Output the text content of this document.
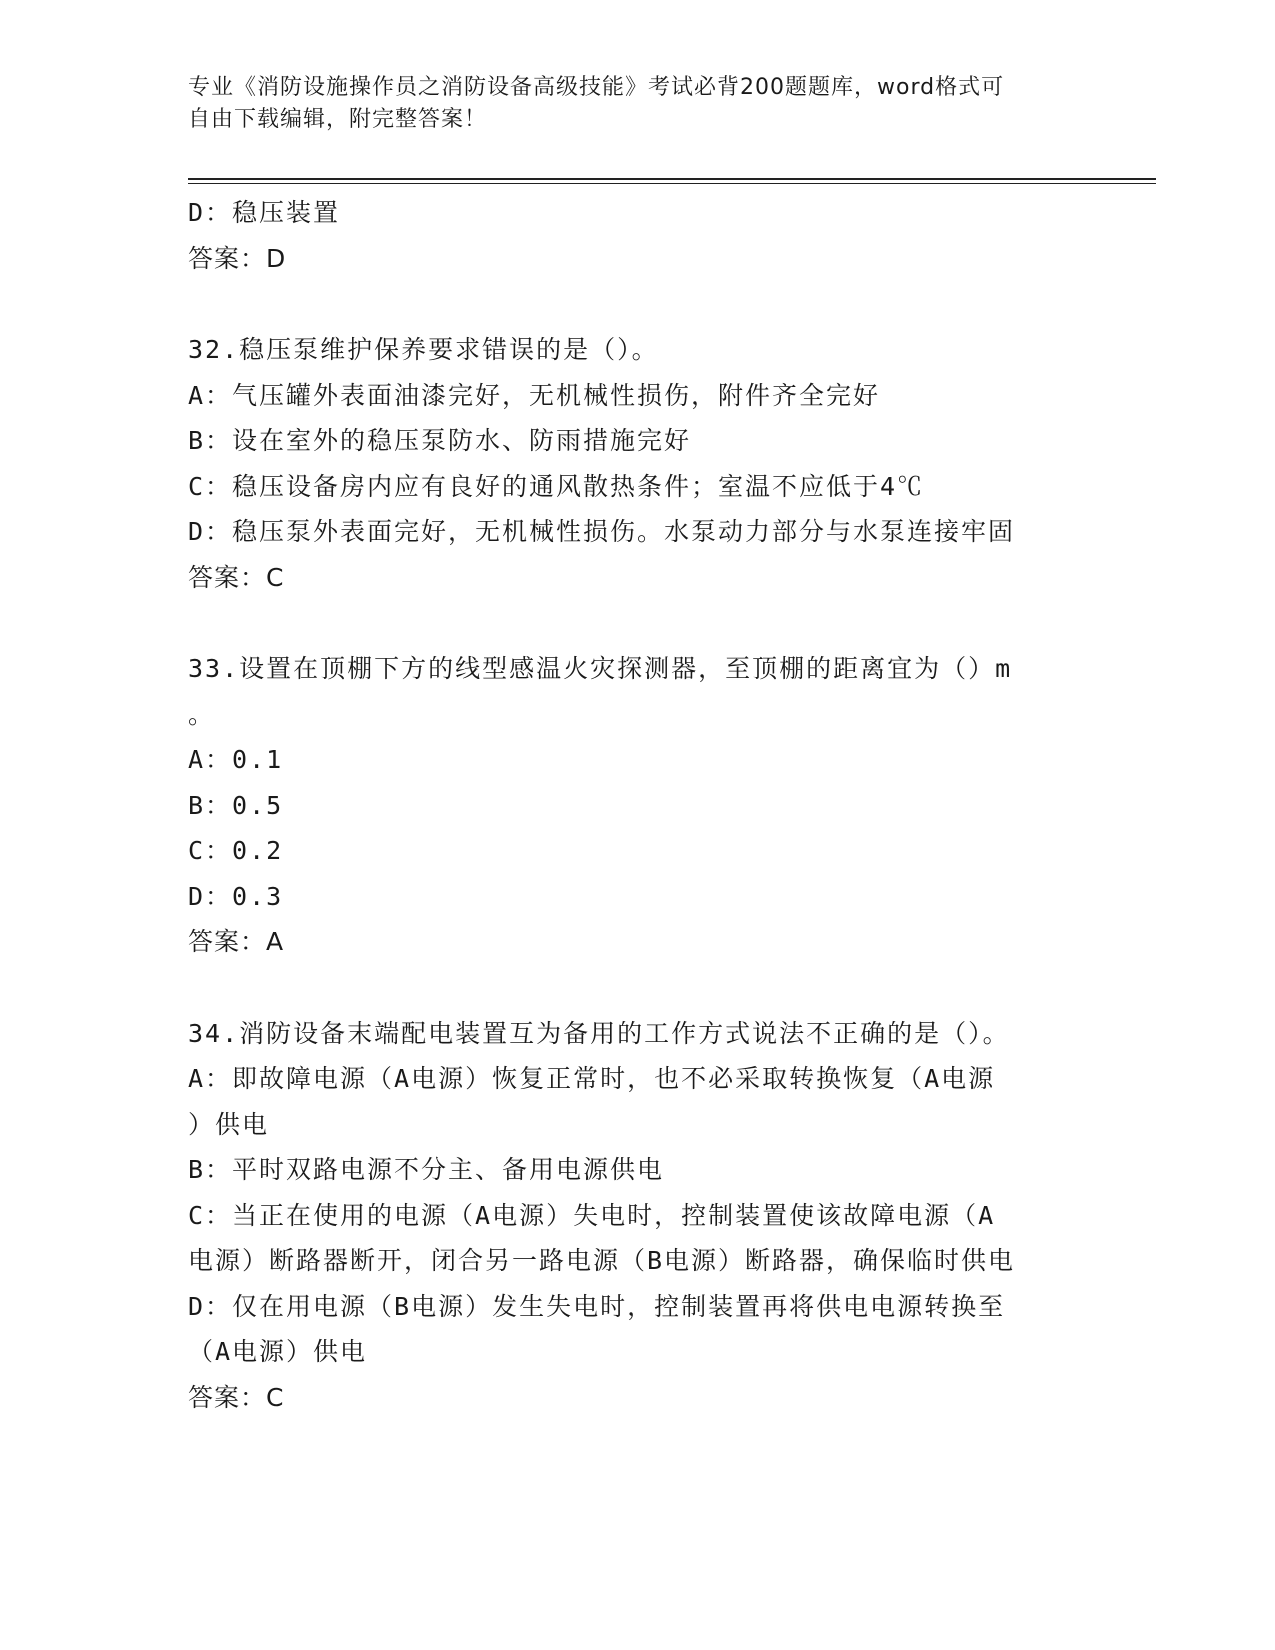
专业《消防设施操作员之消防设备高级技能》考试必背200题题库，word格式可
自由下载编辑，附完整答案！
D：稳压装置
答案：D
32.稳压泵维护保养要求错误的是（）。
A：气压罐外表面油漆完好，无机械性损伤，附件齐全完好
B：设在室外的稳压泵防水、防雨措施完好
C：稳压设备房内应有良好的通风散热条件；室温不应低于4℃
D：稳压泵外表面完好，无机械性损伤。水泵动力部分与水泵连接牢固
答案：C
33.设置在顶棚下方的线型感温火灾探测器，至顶棚的距离宜为（）m
。
A：0.1
B：0.5
C：0.2
D：0.3
答案：A
34.消防设备末端配电装置互为备用的工作方式说法不正确的是（）。
A：即故障电源（A电源）恢复正常时，也不必采取转换恢复（A电源
）供电
B：平时双路电源不分主、备用电源供电
C：当正在使用的电源（A电源）失电时，控制装置使该故障电源（A
电源）断路器断开，闭合另一路电源（B电源）断路器，确保临时供电
D：仅在用电源（B电源）发生失电时，控制装置再将供电电源转换至
（A电源）供电
答案：C
